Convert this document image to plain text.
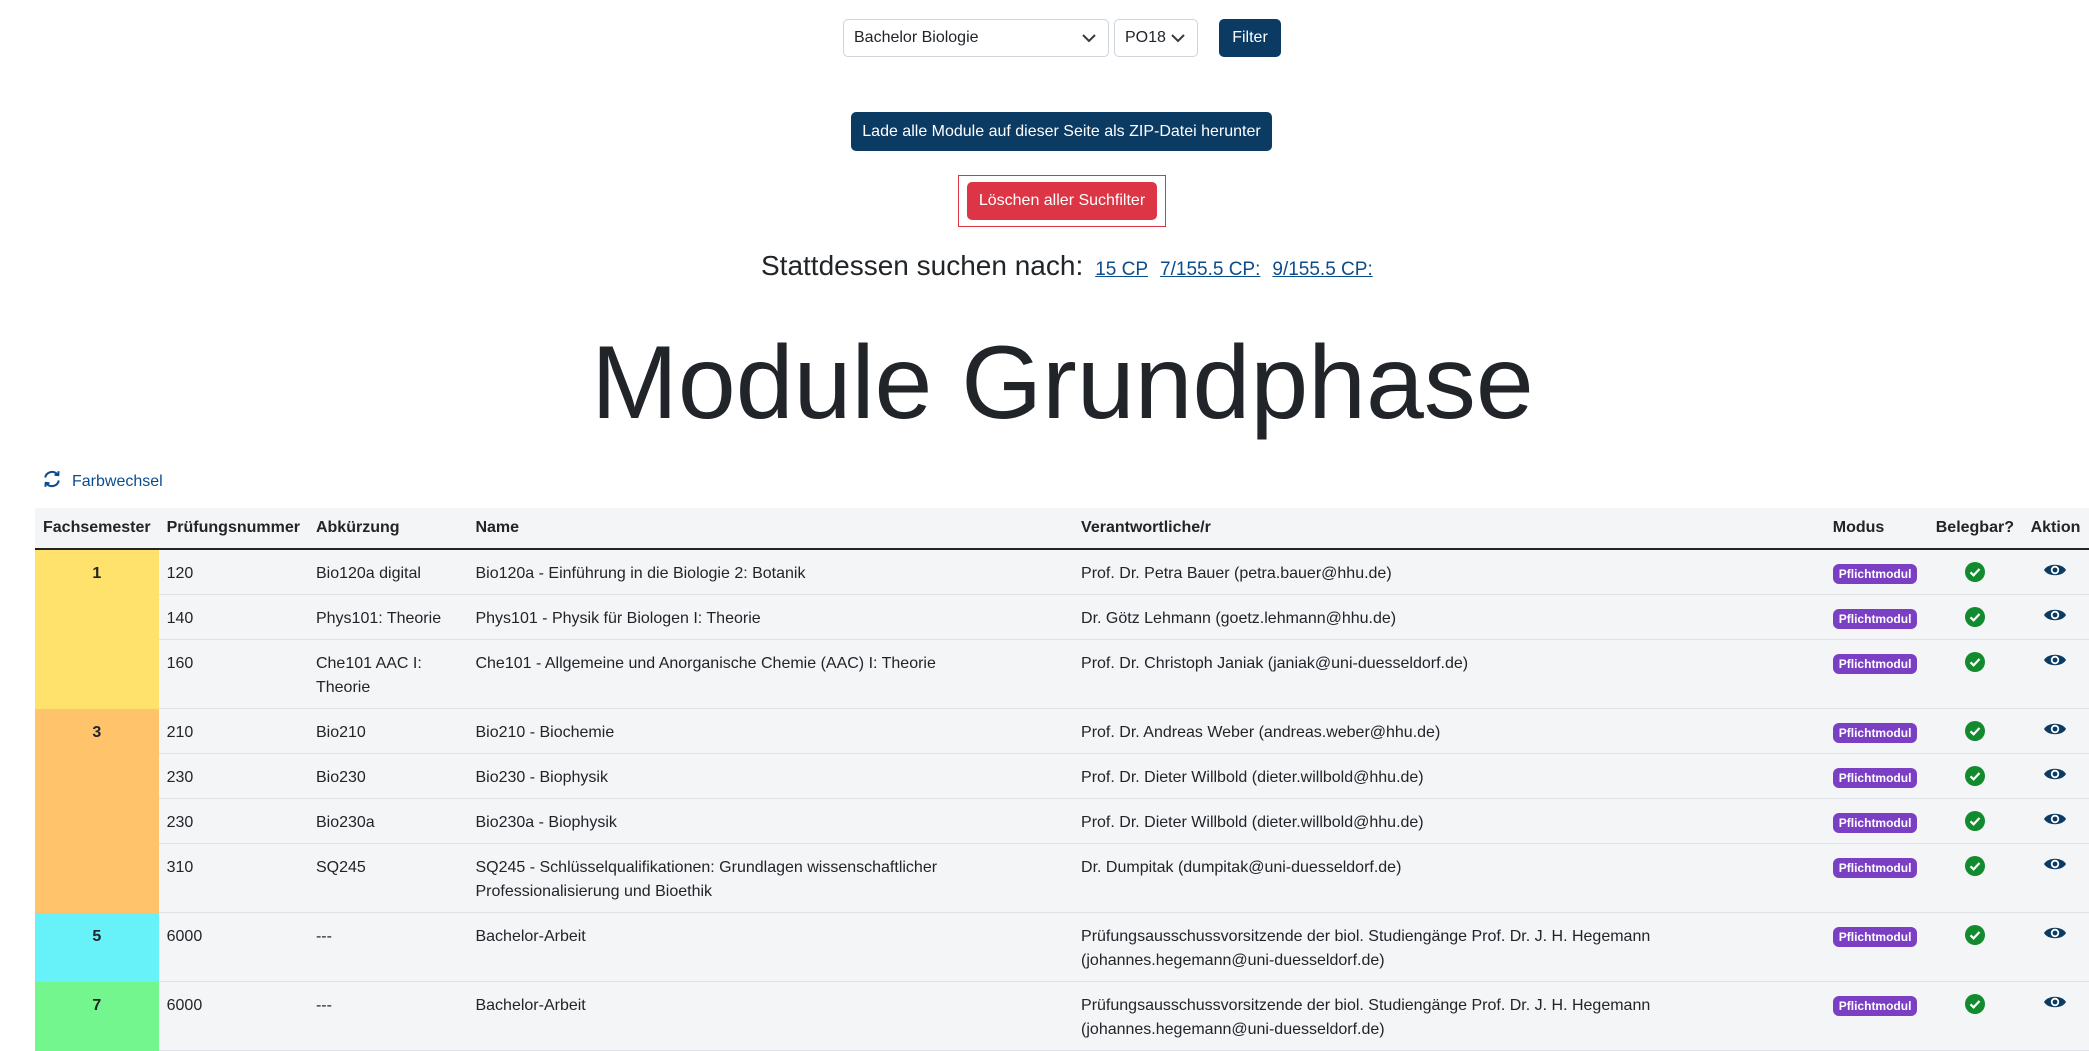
Bachelor Biologie	PO18	Filter
Lade alle Module auf dieser Seite als ZIP-Datei herunter
Löschen aller Suchfilter
Stattdessen suchen nach: 15 CP 7/155.5 CP: 9/155.5 CP:
Module Grundphase
Farbwechsel
Fachsemester	Prüfungsnummer	Abkürzung	Name	Verantwortliche/r	Modus	Belegbar?	Aktion
1	120	Bio120a digital	Bio120a - Einführung in die Biologie 2: Botanik	Prof. Dr. Petra Bauer (petra.bauer@hhu.de)	Pflichtmodul		
	140	Phys101: Theorie	Phys101 - Physik für Biologen I: Theorie	Dr. Götz Lehmann (goetz.lehmann@hhu.de)	Pflichtmodul		
	160	Che101 AAC I: Theorie	Che101 - Allgemeine und Anorganische Chemie (AAC) I: Theorie	Prof. Dr. Christoph Janiak (janiak@uni-duesseldorf.de)	Pflichtmodul		
3	210	Bio210	Bio210 - Biochemie	Prof. Dr. Andreas Weber (andreas.weber@hhu.de)	Pflichtmodul		
	230	Bio230	Bio230 - Biophysik	Prof. Dr. Dieter Willbold (dieter.willbold@hhu.de)	Pflichtmodul		
	230	Bio230a	Bio230a - Biophysik	Prof. Dr. Dieter Willbold (dieter.willbold@hhu.de)	Pflichtmodul		
	310	SQ245	SQ245 - Schlüsselqualifikationen: Grundlagen wissenschaftlicher Professionalisierung und Bioethik	Dr. Dumpitak (dumpitak@uni-duesseldorf.de)	Pflichtmodul		
5	6000	---	Bachelor-Arbeit	Prüfungsausschussvorsitzende der biol. Studiengänge Prof. Dr. J. H. Hegemann (johannes.hegemann@uni-duesseldorf.de)	Pflichtmodul		
7	6000	---	Bachelor-Arbeit	Prüfungsausschussvorsitzende der biol. Studiengänge Prof. Dr. J. H. Hegemann (johannes.hegemann@uni-duesseldorf.de)	Pflichtmodul		
